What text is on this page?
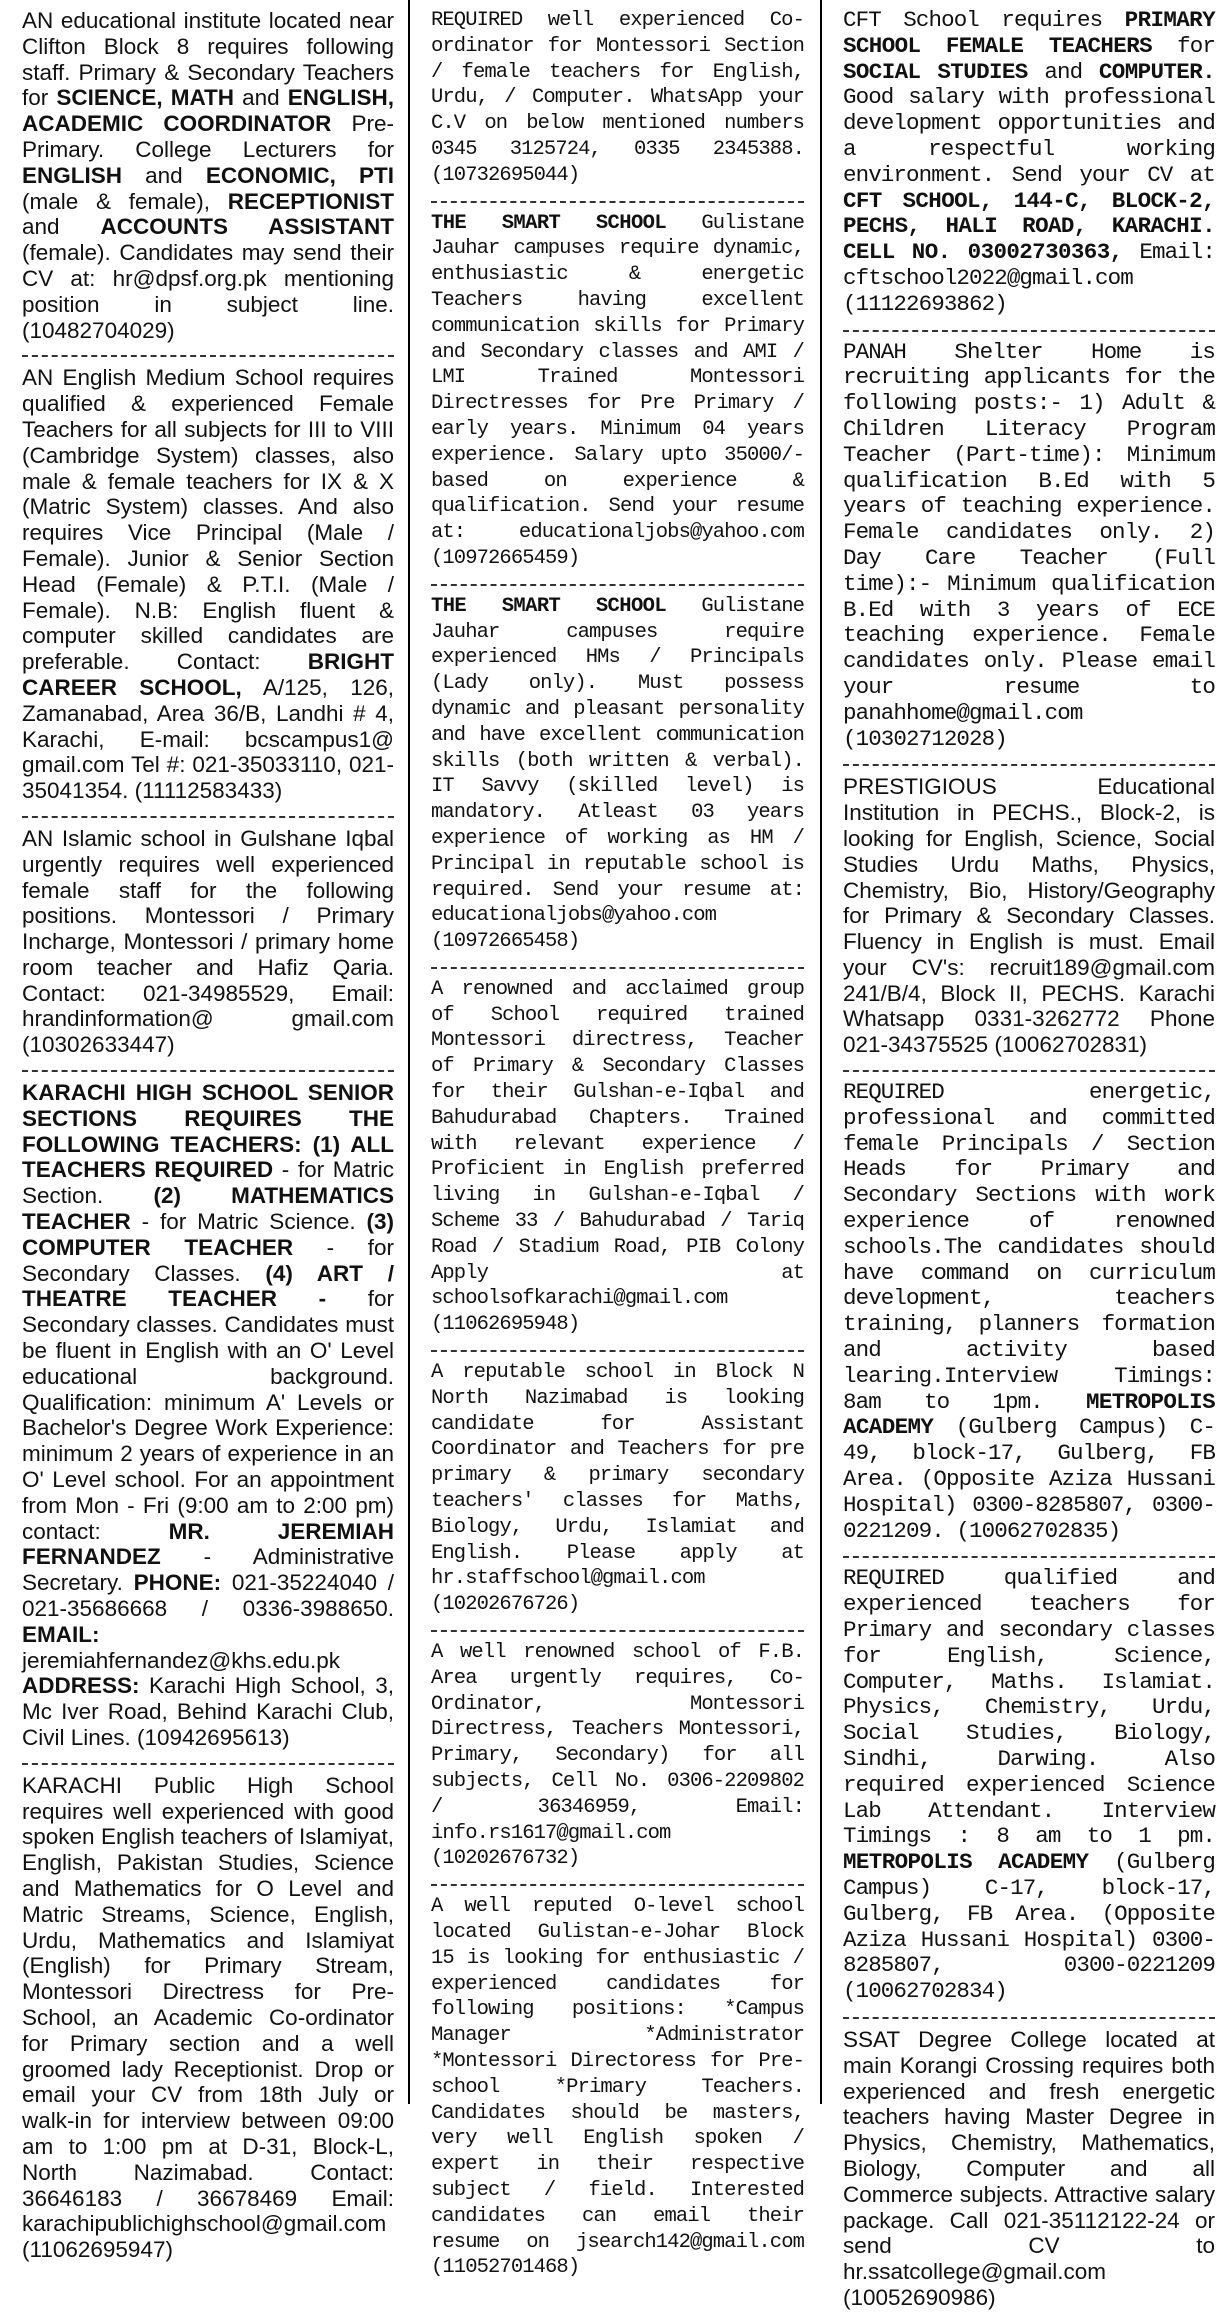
AN educational institute located near Clifton Block 8 requires following staff. Primary & Secondary Teachers for SCIENCE, MATH and ENGLISH, ACADEMIC COORDINATOR Pre-Primary. College Lecturers for ENGLISH and ECONOMIC, PTI (male & female), RECEPTIONIST and ACCOUNTS ASSISTANT (female). Candidates may send their CV at: hr@dpsf.org.pk mentioning position in subject line. (10482704029)

AN English Medium School requires qualified & experienced Female Teachers for all subjects for III to VIII (Cambridge System) classes, also male & female teachers for IX & X (Matric System) classes. And also requires Vice Principal (Male / Female). Junior & Senior Section Head (Female) & P.T.I. (Male / Female). N.B: English fluent & computer skilled candidates are preferable. Contact: BRIGHT CAREER SCHOOL, A/125, 126, Zamanabad, Area 36/B, Landhi # 4, Karachi, E-mail: bcscampus1@ gmail.com Tel #: 021-35033110, 021-35041354. (11112583433)

AN Islamic school in Gulshane Iqbal urgently requires well experienced female staff for the following positions. Montessori / Primary Incharge, Montessori / primary home room teacher and Hafiz Qaria. Contact: 021-34985529, Email: hrandinformation@ gmail.com (10302633447)

KARACHI HIGH SCHOOL SENIOR SECTIONS REQUIRES THE FOLLOWING TEACHERS: (1) ALL TEACHERS REQUIRED - for Matric Section. (2) MATHEMATICS TEACHER - for Matric Science. (3) COMPUTER TEACHER - for Secondary Classes. (4) ART / THEATRE TEACHER - for Secondary classes. Candidates must be fluent in English with an O' Level educational background. Qualification: minimum A' Levels or Bachelor's Degree Work Experience: minimum 2 years of experience in an O' Level school. For an appointment from Mon - Fri (9:00 am to 2:00 pm) contact: MR. JEREMIAH FERNANDEZ - Administrative Secretary. PHONE: 021-35224040 / 021-35686668 / 0336-3988650. EMAIL: jeremiahfernandez@khs.edu.pk ADDRESS: Karachi High School, 3, Mc Iver Road, Behind Karachi Club, Civil Lines. (10942695613)

KARACHI Public High School requires well experienced with good spoken English teachers of Islamiyat, English, Pakistan Studies, Science and Mathematics for O Level and Matric Streams, Science, English, Urdu, Mathematics and Islamiyat (English) for Primary Stream, Montessori Directress for Pre-School, an Academic Co-ordinator for Primary section and a well groomed lady Receptionist. Drop or email your CV from 18th July or walk-in for interview between 09:00 am to 1:00 pm at D-31, Block-L, North Nazimabad. Contact: 36646183 / 36678469 Email: karachipublichighschool@gmail.com (11062695947)

REQUIRED well experienced Co-ordinator for Montessori Section / female teachers for English, Urdu, / Computer. WhatsApp your C.V on below mentioned numbers 0345 3125724, 0335 2345388. (10732695044)

THE SMART SCHOOL Gulistane Jauhar campuses require dynamic, enthusiastic & energetic Teachers having excellent communication skills for Primary and Secondary classes and AMI / LMI Trained Montessori Directresses for Pre Primary / early years. Minimum 04 years experience. Salary upto 35000/- based on experience & qualification. Send your resume at: educationaljobs@yahoo.com (10972665459)

THE SMART SCHOOL Gulistane Jauhar campuses require experienced HMs / Principals (Lady only). Must possess dynamic and pleasant personality and have excellent communication skills (both written & verbal). IT Savvy (skilled level) is mandatory. Atleast 03 years experience of working as HM / Principal in reputable school is required. Send your resume at: educationaljobs@yahoo.com (10972665458)

A renowned and acclaimed group of School required trained Montessori directress, Teacher of Primary & Secondary Classes for their Gulshan-e-Iqbal and Bahudurabad Chapters. Trained with relevant experience / Proficient in English preferred living in Gulshan-e-Iqbal / Scheme 33 / Bahudurabad / Tariq Road / Stadium Road, PIB Colony Apply at schoolsofkarachi@gmail.com (11062695948)

A reputable school in Block N North Nazimabad is looking candidate for Assistant Coordinator and Teachers for pre primary & primary secondary teachers' classes for Maths, Biology, Urdu, Islamiat and English. Please apply at hr.staffschool@gmail.com (10202676726)

A well renowned school of F.B. Area urgently requires, Co-Ordinator, Montessori Directress, Teachers Montessori, Primary, Secondary) for all subjects, Cell No. 0306-2209802 / 36346959, Email: info.rs1617@gmail.com (10202676732)

A well reputed O-level school located Gulistan-e-Johar Block 15 is looking for enthusiastic / experienced candidates for following positions: *Campus Manager *Administrator *Montessori Directoress for Pre-school *Primary Teachers. Candidates should be masters, very well English spoken / expert in their respective subject / field. Interested candidates can email their resume on jsearch142@gmail.com (11052701468)

CFT School requires PRIMARY SCHOOL FEMALE TEACHERS for SOCIAL STUDIES and COMPUTER. Good salary with professional development opportunities and a respectful working environment. Send your CV at CFT SCHOOL, 144-C, BLOCK-2, PECHS, HALI ROAD, KARACHI. CELL NO. 03002730363, Email: cftschool2022@gmail.com (11122693862)

PANAH Shelter Home is recruiting applicants for the following posts:- 1) Adult & Children Literacy Program Teacher (Part-time): Minimum qualification B.Ed with 5 years of teaching experience. Female candidates only. 2) Day Care Teacher (Full time):- Minimum qualification B.Ed with 3 years of ECE teaching experience. Female candidates only. Please email your resume to panahhome@gmail.com (10302712028)

PRESTIGIOUS Educational Institution in PECHS., Block-2, is looking for English, Science, Social Studies Urdu Maths, Physics, Chemistry, Bio, History/Geography for Primary & Secondary Classes. Fluency in English is must. Email your CV's: recruit189@gmail.com 241/B/4, Block II, PECHS. Karachi Whatsapp 0331-3262772 Phone 021-34375525 (10062702831)

REQUIRED energetic, professional and committed female Principals / Section Heads for Primary and Secondary Sections with work experience of renowned schools.The candidates should have command on curriculum development, teachers training, planners formation and activity based learing.Interview Timings: 8am to 1pm. METROPOLIS ACADEMY (Gulberg Campus) C-49, block-17, Gulberg, FB Area. (Opposite Aziza Hussani Hospital) 0300-8285807, 0300-0221209. (10062702835)

REQUIRED qualified and experienced teachers for Primary and secondary classes for English, Science, Computer, Maths. Islamiat. Physics, Chemistry, Urdu, Social Studies, Biology, Sindhi, Darwing. Also required experienced Science Lab Attendant. Interview Timings : 8 am to 1 pm. METROPOLIS ACADEMY (Gulberg Campus) C-17, block-17, Gulberg, FB Area. (Opposite Aziza Hussani Hospital) 0300-8285807, 0300-0221209 (10062702834)

SSAT Degree College located at main Korangi Crossing requires both experienced and fresh energetic teachers having Master Degree in Physics, Chemistry, Mathematics, Biology, Computer and all Commerce subjects. Attractive salary package. Call 021-35112122-24 or send CV to hr.ssatcollege@gmail.com (10052690986)
